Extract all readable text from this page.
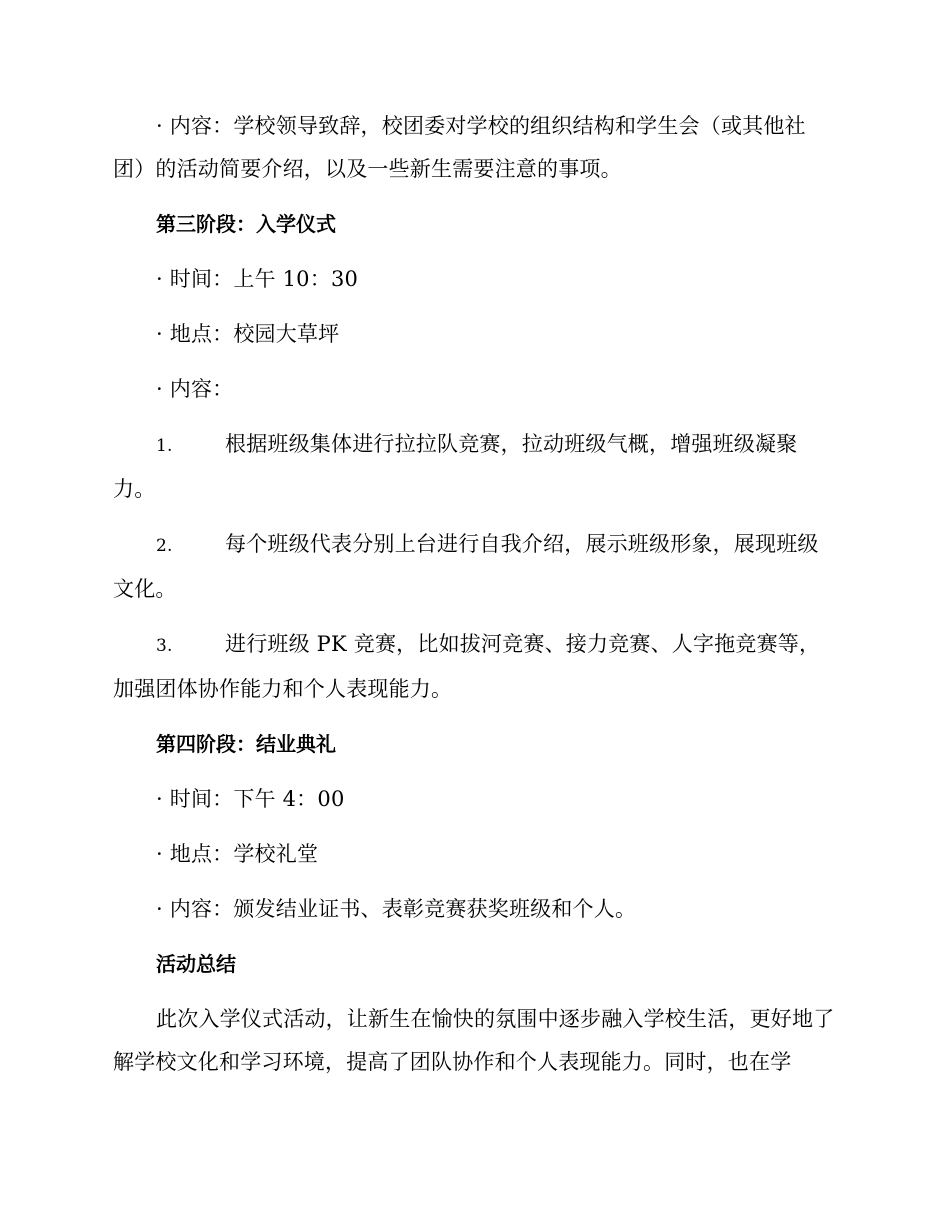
· 内容：学校领导致辞，校团委对学校的组织结构和学生会（或其他社团）的活动简要介绍，以及一些新生需要注意的事项。

第三阶段：入学仪式

· 时间：上午 10：30

· 地点：校园大草坪

· 内容：

1. 根据班级集体进行拉拉队竞赛，拉动班级气概，增强班级凝聚力。

2. 每个班级代表分别上台进行自我介绍，展示班级形象，展现班级文化。

3. 进行班级 PK 竞赛，比如拔河竞赛、接力竞赛、人字拖竞赛等，加强团体协作能力和个人表现能力。

第四阶段：结业典礼

· 时间：下午 4：00

· 地点：学校礼堂

· 内容：颁发结业证书、表彰竞赛获奖班级和个人。

活动总结

此次入学仪式活动，让新生在愉快的氛围中逐步融入学校生活，更好地了解学校文化和学习环境，提高了团队协作和个人表现能力。同时，也在学
